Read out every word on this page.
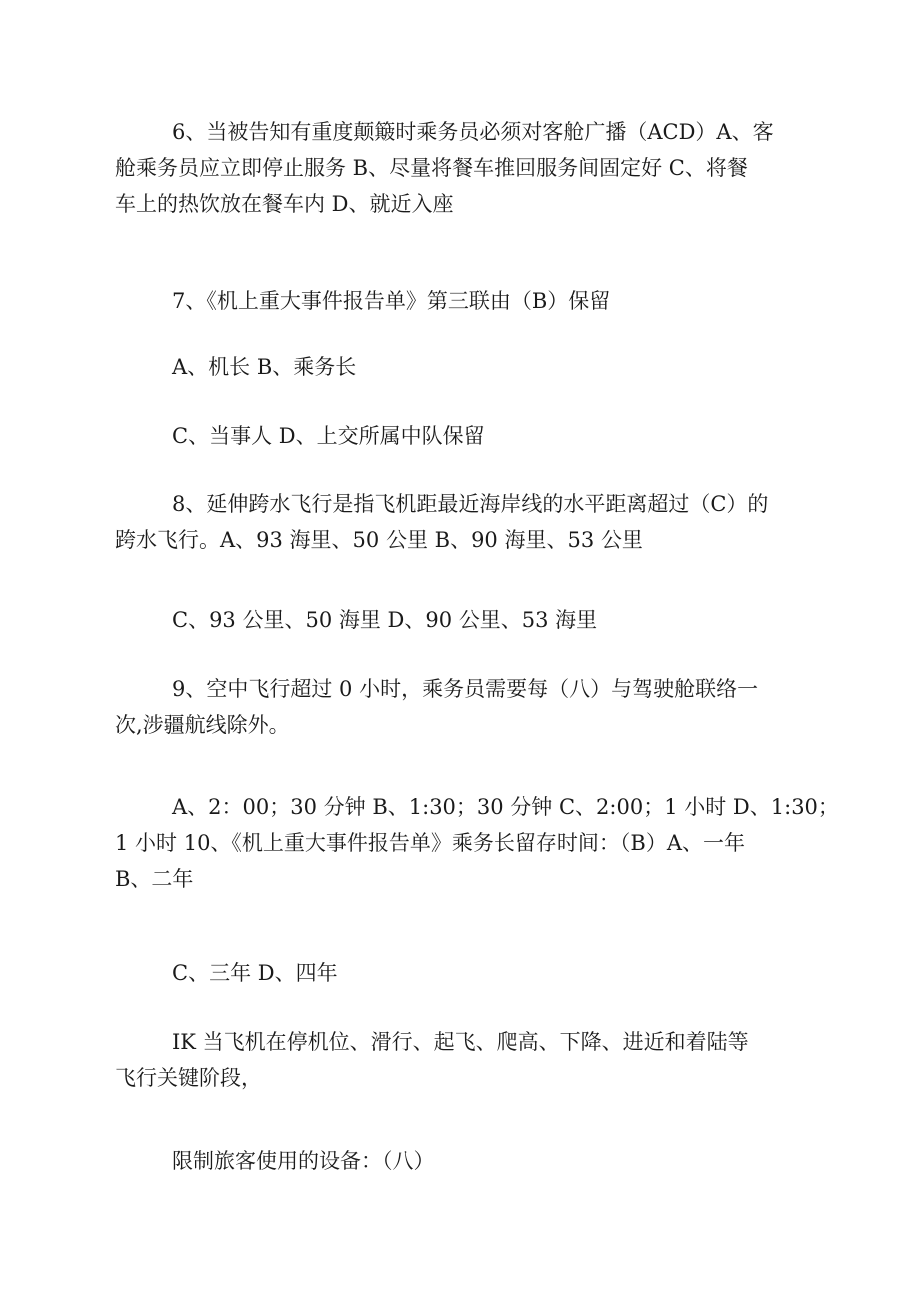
6、当被告知有重度颠簸时乘务员必须对客舱广播（ACD）A、客
舱乘务员应立即停止服务 B、尽量将餐车推回服务间固定好 C、将餐
车上的热饮放在餐车内 D、就近入座

7、《机上重大事件报告单》第三联由（B）保留

A、机长 B、乘务长

C、当事人 D、上交所属中队保留

8、延伸跨水飞行是指飞机距最近海岸线的水平距离超过（C）的
跨水飞行。A、93 海里、50 公里 B、90 海里、53 公里

C、93 公里、50 海里 D、90 公里、53 海里

9、空中飞行超过 0 小时，乘务员需要每（八）与驾驶舱联络一
次,涉疆航线除外。

A、2：00；30 分钟 B、1:30；30 分钟 C、2:00；1 小时 D、1:30；
1 小时 10、《机上重大事件报告单》乘务长留存时间：（B）A、一年
B、二年

C、三年 D、四年

IK 当飞机在停机位、滑行、起飞、爬高、下降、进近和着陆等
飞行关键阶段，

限制旅客使用的设备：（八）
